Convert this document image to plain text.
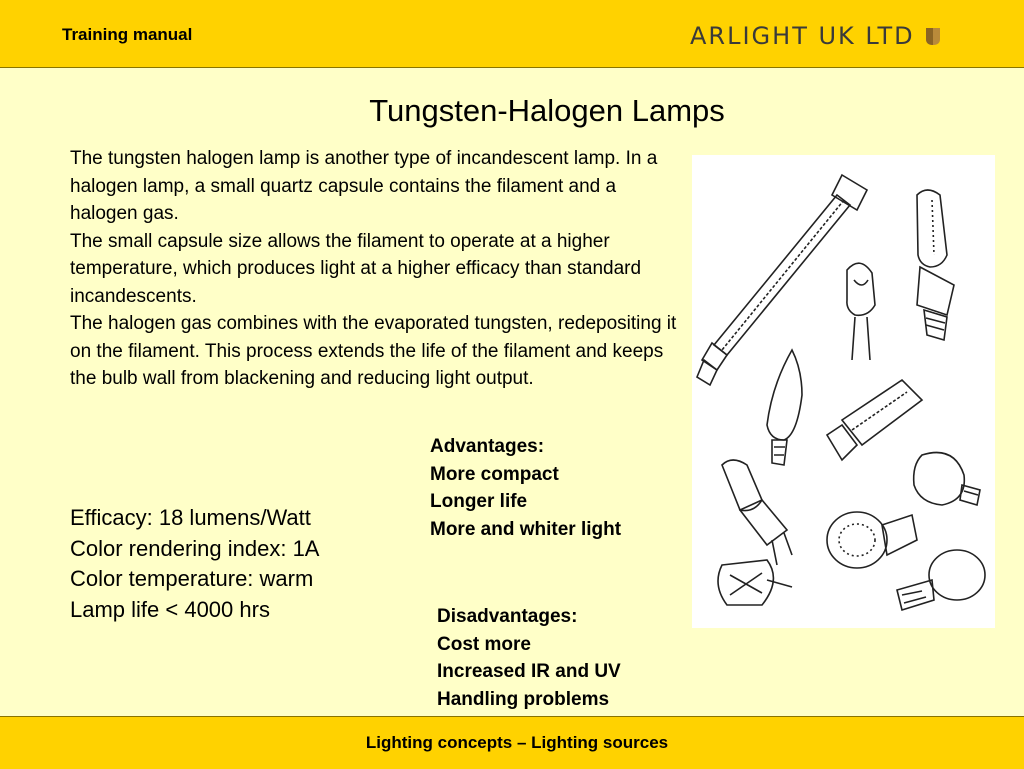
Training manual	ARLIGHT UK LTD
Tungsten-Halogen Lamps

The tungsten halogen lamp is another type of incandescent lamp. In a halogen lamp, a small quartz capsule contains the filament and a halogen gas.

The small capsule size allows the filament to operate at a higher temperature, which produces light at a higher efficacy than standard incandescents.

The halogen gas combines with the evaporated tungsten, redepositing it on the filament. This process extends the life of the filament and keeps the bulb wall from blackening and reducing light output.

Efficacy: 18 lumens/Watt
Color rendering index: 1A
Color temperature: warm
Lamp life < 4000 hrs
Advantages:
More compact
Longer life
More and whiter light
Disadvantages:
Cost more
Increased IR and UV
Handling problems
Lighting concepts – Lighting sources
